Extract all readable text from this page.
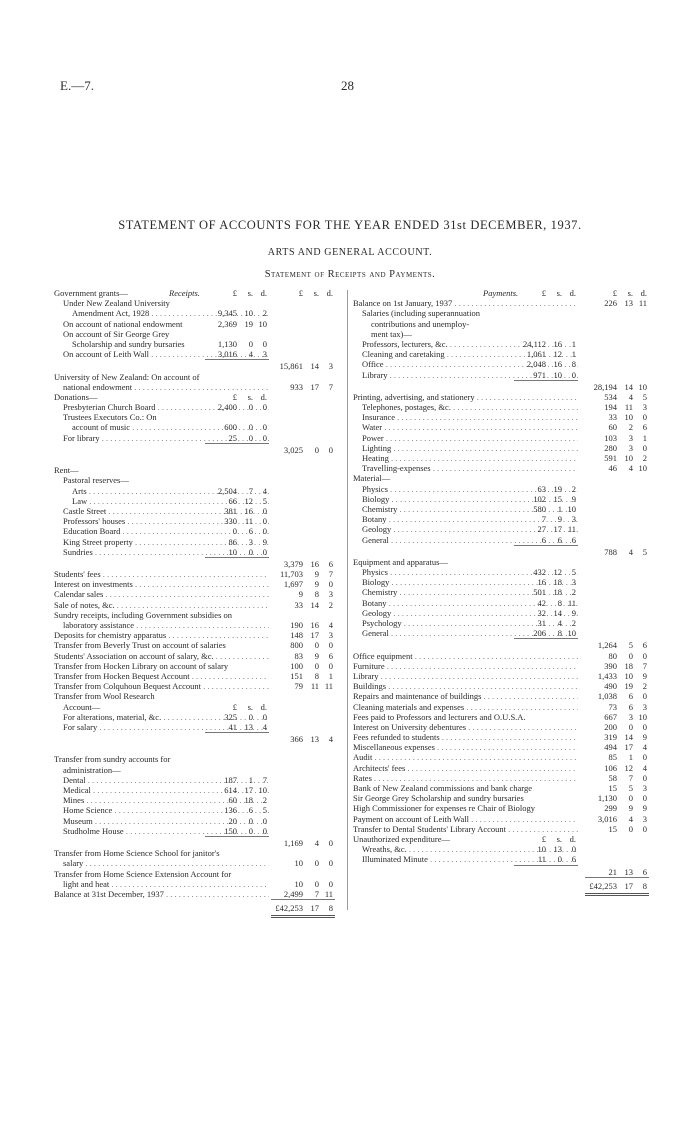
E.—7.	28
STATEMENT OF ACCOUNTS FOR THE YEAR ENDED 31st DECEMBER, 1937.
ARTS AND GENERAL ACCOUNT.
Statement of Receipts and Payments.
Receipts.
Government grants—	£	s. d.	£	s. d.
Under New Zealand University
Amendment Act, 1928 . . .	9,345 10	2
On account of national endowment	2,369 19 10
On account of Sir George Grey
Scholarship and sundry bursaries	1,130	0	0
On account of Leith Wall . . .	3,016	4	3
15,861 14	3
University of New Zealand: On account of
national endowment . . .	933 17	7
Donations—	£	s. d.
Presbyterian Church Board . . .	2,400	0	0
Trustees Executors Co.: On
account of music . . .	600	0	0
For library . . .	25	0	0
3,025	0	0
Rent—
Pastoral reserves—
Arts . . .	2,504	7	4
Law . . .	66 12	5
Castle Street . . .	381 16	0
Professors' houses . . .	330 11	0
Education Board . . .	0	6	0
King Street property . . .	86	3	9
Sundries . . .	10	0	0
3,379 16	6
Students' fees . . .	11,703	9	7
Interest on investments . . .	1,697	9	0
Calendar sales . . .	9	8	3
Sale of notes, &c. . . .	33 14	2
Sundry receipts, including Government subsidies on
laboratory assistance . . .	190 16	4
Deposits for chemistry apparatus . . .	148 17	3
Transfer from Beverly Trust on account of salaries	800	0	0
Students' Association on account of salary, &c. . . .	83	9	6
Transfer from Hocken Library on account of salary	100	0	0
Transfer from Hocken Bequest Account . . .	151	8	1
Transfer from Colquhoun Bequest Account . . .	79 11 11
Transfer from Wool Research
Account—	£	s. d.
For alterations, material, &c. . . .	325	0	0
For salary . . .	41 13	4
366 13	4
Transfer from sundry accounts for
administration—
Dental . . .	187	1	7
Medical . . .	614 17 10
Mines . . .	60 18	2
Home Science . . .	136	6	5
Museum . . .	20	0	0
Studholme House . . .	150	0	0
1,169	4	0
Transfer from Home Science School for janitor's
salary . . .	10	0	0
Transfer from Home Science Extension Account for
light and heat . . .	10	0	0
Balance at 31st December, 1937 . . .	2,499	7 11
£42,253 17	8
Payments.	£	s. d.	£	s. d.
Balance on 1st January, 1937 . . .	226 13 11
Salaries (including superannuation
contributions and unemploy-
ment tax)—
Professors, lecturers, &c. . . .	24,112 16	1
Cleaning and caretaking . . .	1,061 12	1
Office . . .	2,048 16	8
Library . . .	971 10	0
28,194 14 10
Printing, advertising, and stationery . . .	534	4	5
Telephones, postages, &c. . . .	194 11	3
Insurance . . .	33 10	0
Water . . .	60	2	6
Power . . .	103	3	1
Lighting . . .	280	3	0
Heating . . .	591 10	2
Travelling-expenses . . .	46	4 10
Material—
Physics . . .	63 19	2
Biology . . .	102 15	9
Chemistry . . .	580	1 10
Botany . . .	7	9	3
Geology . . .	27 17 11
General . . .	6	6	6
788	4	5
Equipment and apparatus—
Physics . . .	432 12	5
Biology . . .	16 18	3
Chemistry . . .	501 18	2
Botany . . .	42	8 11
Geology . . .	32 14	9
Psychology . . .	31	4	2
General . . .	206	8 10
1,264	5	6
Office equipment . . .	80	0	0
Furniture . . .	390 18	7
Library . . .	1,433 10	9
Buildings . . .	490 19	2
Repairs and maintenance of buildings . . .	1,038	6	0
Cleaning materials and expenses . . .	73	6	3
Fees paid to Professors and lecturers and O.U.S.A.	667	3 10
Interest on University debentures . . .	200	0	0
Fees refunded to students . . .	319 14	9
Miscellaneous expenses . . .	494 17	4
Audit . . .	85	1	0
Architects' fees . . .	106 12	4
Rates . . .	58	7	0
Bank of New Zealand commissions and bank charge	15	5	3
Sir George Grey Scholarship and sundry bursaries	1,130	0	0
High Commissioner for expenses re Chair of Biology	299	9	9
Payment on account of Leith Wall . . .	3,016	4	3
Transfer to Dental Students' Library Account . . .	15	0	0
Unauthorized expenditure—	£	s. d.
Wreaths, &c. . . .	10 13	0
Illuminated Minute . . .	11	0	6
21 13	6
£42,253 17	8
